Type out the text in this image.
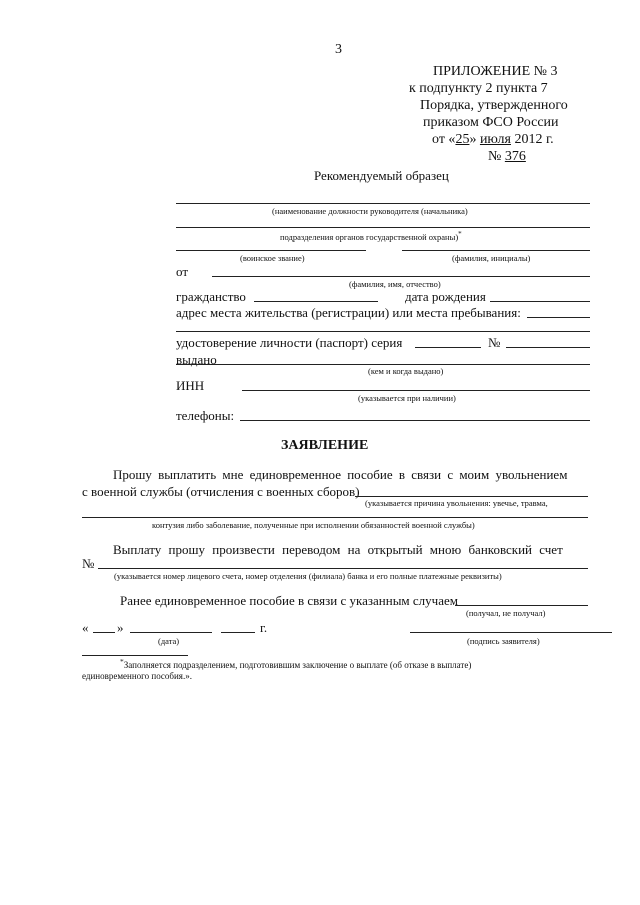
3
ПРИЛОЖЕНИЕ № 3
к подпункту 2 пункта 7
Порядка, утвержденного
приказом ФСО России
от «25» июля 2012 г.
№ 376
Рекомендуемый образец
(наименование должности руководителя (начальника)
подразделения органов государственной охраны)*
(воинское звание)	(фамилия, инициалы)
от
(фамилия, имя, отчество)
гражданство	дата рождения
адрес места жительства (регистрации) или места пребывания:
удостоверение личности (паспорт) серия	№
выдано
(кем и когда выдано)
ИНН
(указывается при наличии)
телефоны:
ЗАЯВЛЕНИЕ
Прошу выплатить мне единовременное пособие в связи с моим увольнением
с военной службы (отчисления с военных сборов)
(указывается причина увольнения: увечье, травма,
контузия либо заболевание, полученные при исполнении обязанностей военной службы)
Выплату прошу произвести переводом на открытый мною банковский счет
№
(указывается номер лицевого счета, номер отделения (филиала) банка и его полные платежные реквизиты)
Ранее единовременное пособие в связи с указанным случаем
(получал, не получал)
« »	г.
(дата)	(подпись заявителя)
*Заполняется подразделением, подготовившим заключение о выплате (об отказе в выплате)
единовременного пособия.».
